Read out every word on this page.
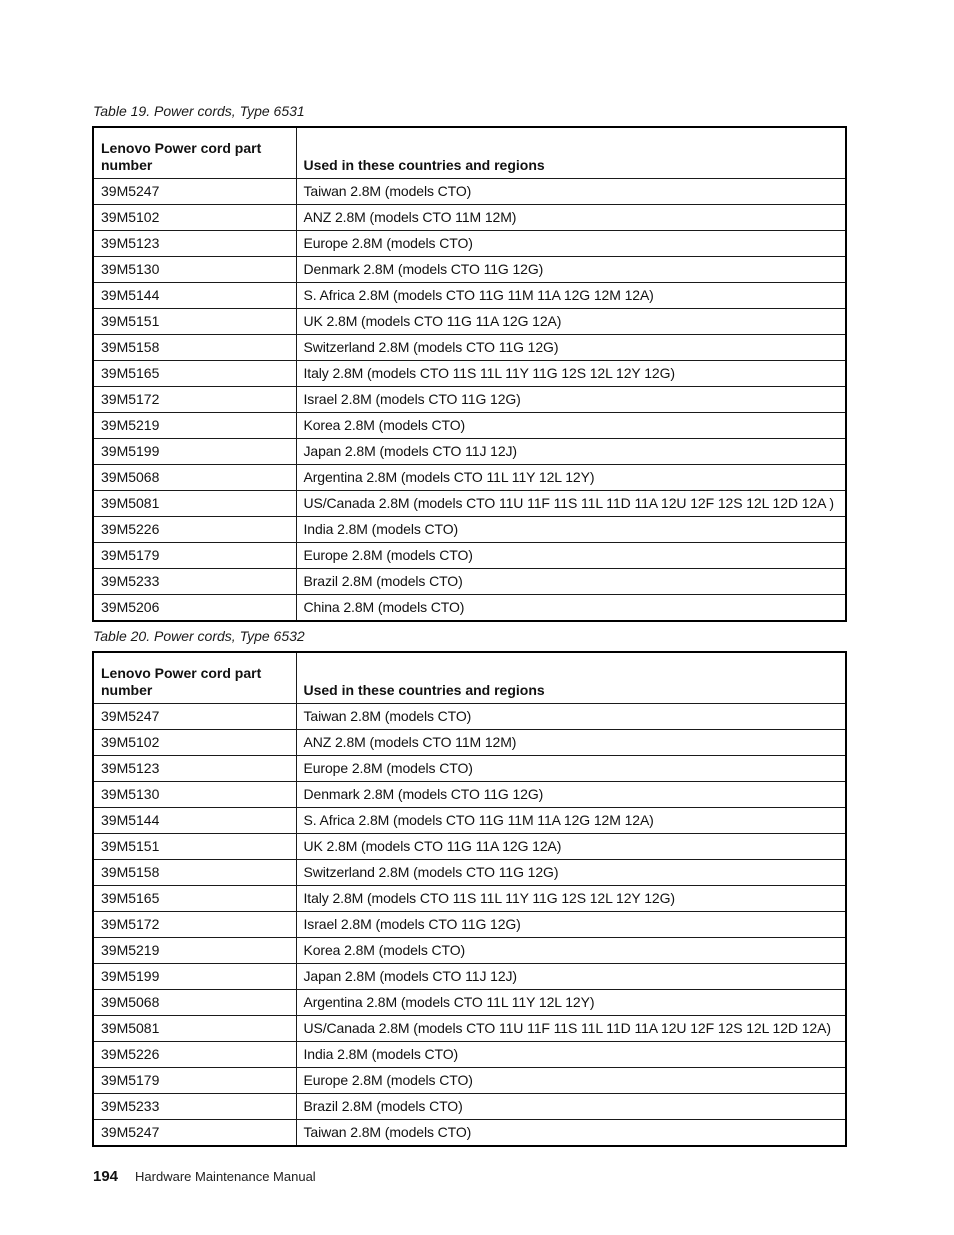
Table 19. Power cords, Type 6531
Lenovo Power cord part number	Used in these countries and regions
39M5247	Taiwan 2.8M (models CTO)
39M5102	ANZ 2.8M (models CTO 11M 12M)
39M5123	Europe 2.8M (models CTO)
39M5130	Denmark 2.8M (models CTO 11G 12G)
39M5144	S. Africa 2.8M (models CTO 11G 11M 11A 12G 12M 12A)
39M5151	UK 2.8M (models CTO 11G 11A 12G 12A)
39M5158	Switzerland 2.8M (models CTO 11G 12G)
39M5165	Italy 2.8M (models CTO 11S 11L 11Y 11G 12S 12L 12Y 12G)
39M5172	Israel 2.8M (models CTO 11G 12G)
39M5219	Korea 2.8M (models CTO)
39M5199	Japan 2.8M (models CTO 11J 12J)
39M5068	Argentina 2.8M (models CTO 11L 11Y 12L 12Y)
39M5081	US/Canada 2.8M (models CTO 11U 11F 11S 11L 11D 11A 12U 12F 12S 12L 12D 12A )
39M5226	India 2.8M (models CTO)
39M5179	Europe 2.8M (models CTO)
39M5233	Brazil 2.8M (models CTO)
39M5206	China 2.8M (models CTO)
Table 20. Power cords, Type 6532
Lenovo Power cord part number	Used in these countries and regions
39M5247	Taiwan 2.8M (models CTO)
39M5102	ANZ 2.8M (models CTO 11M 12M)
39M5123	Europe 2.8M (models CTO)
39M5130	Denmark 2.8M (models CTO 11G 12G)
39M5144	S. Africa 2.8M (models CTO 11G 11M 11A 12G 12M 12A)
39M5151	UK 2.8M (models CTO 11G 11A 12G 12A)
39M5158	Switzerland 2.8M (models CTO 11G 12G)
39M5165	Italy 2.8M (models CTO 11S 11L 11Y 11G 12S 12L 12Y 12G)
39M5172	Israel 2.8M (models CTO 11G 12G)
39M5219	Korea 2.8M (models CTO)
39M5199	Japan 2.8M (models CTO 11J 12J)
39M5068	Argentina 2.8M (models CTO 11L 11Y 12L 12Y)
39M5081	US/Canada 2.8M (models CTO 11U 11F 11S 11L 11D 11A 12U 12F 12S 12L 12D 12A)
39M5226	India 2.8M (models CTO)
39M5179	Europe 2.8M (models CTO)
39M5233	Brazil 2.8M (models CTO)
39M5247	Taiwan 2.8M (models CTO)
194 Hardware Maintenance Manual
